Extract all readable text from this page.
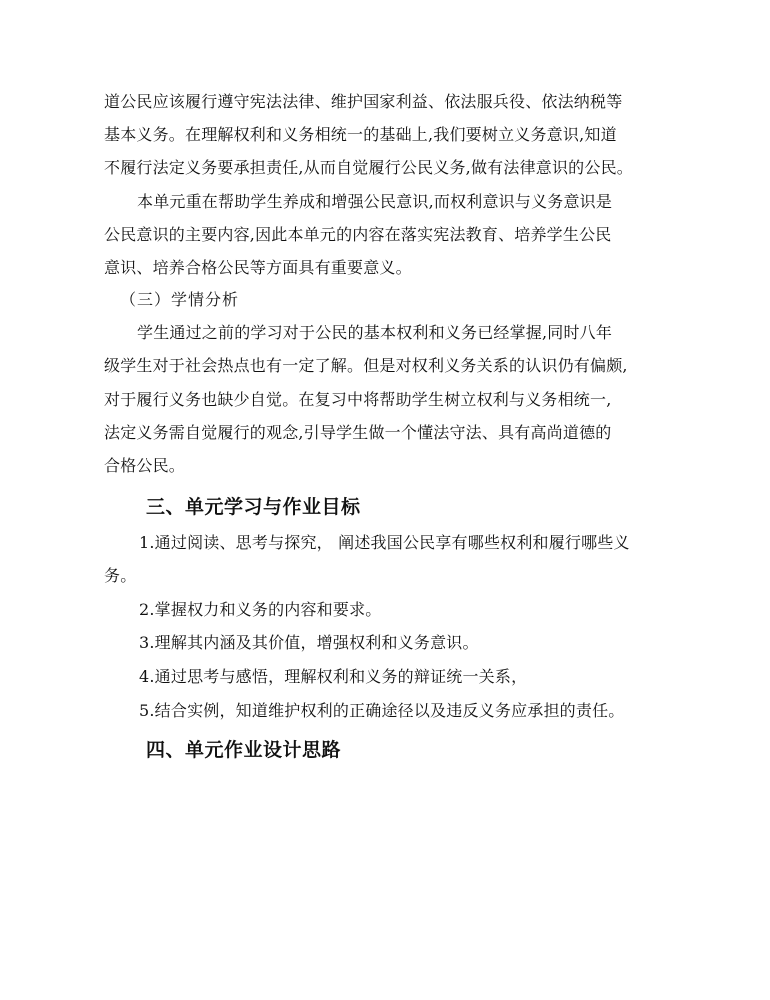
道公民应该履行遵守宪法法律、维护国家利益、依法服兵役、依法纳税等
基本义务。在理解权利和义务相统一的基础上,我们要树立义务意识,知道
不履行法定义务要承担责任,从而自觉履行公民义务,做有法律意识的公民。
本单元重在帮助学生养成和增强公民意识,而权利意识与义务意识是
公民意识的主要内容,因此本单元的内容在落实宪法教育、培养学生公民
意识、培养合格公民等方面具有重要意义。
（三）学情分析
学生通过之前的学习对于公民的基本权利和义务已经掌握,同时八年
级学生对于社会热点也有一定了解。但是对权利义务关系的认识仍有偏颇,
对于履行义务也缺少自觉。在复习中将帮助学生树立权利与义务相统一,
法定义务需自觉履行的观念,引导学生做一个懂法守法、具有高尚道德的
合格公民。
三、单元学习与作业目标
1.通过阅读、思考与探究， 阐述我国公民享有哪些权利和履行哪些义
务。
2.掌握权力和义务的内容和要求。
3.理解其内涵及其价值，增强权利和义务意识。
4.通过思考与感悟，理解权利和义务的辩证统一关系，
5.结合实例，知道维护权利的正确途径以及违反义务应承担的责任。
四、单元作业设计思路
